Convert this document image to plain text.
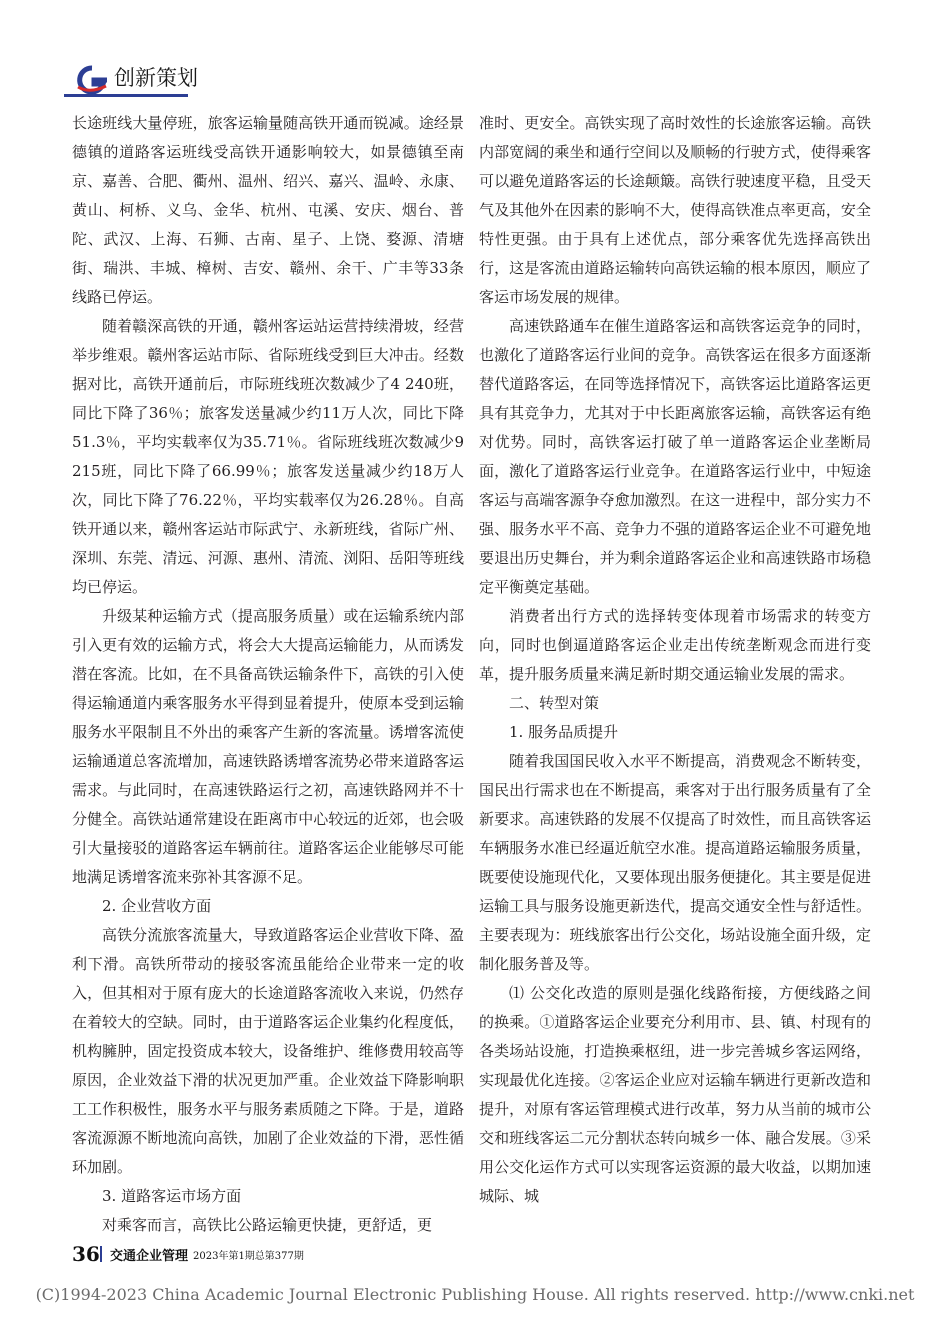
创新策划

长途班线大量停班，旅客运输量随高铁开通而锐减。途经景德镇的道路客运班线受高铁开通影响较大，如景德镇至南京、嘉善、合肥、衢州、温州、绍兴、嘉兴、温岭、永康、黄山、柯桥、义乌、金华、杭州、屯溪、安庆、烟台、普陀、武汉、上海、石狮、古南、星子、上饶、婺源、清塘街、瑞洪、丰城、樟树、吉安、赣州、余干、广丰等33条线路已停运。

随着赣深高铁的开通，赣州客运站运营持续滑坡，经营举步维艰。赣州客运站市际、省际班线受到巨大冲击。经数据对比，高铁开通前后，市际班线班次数减少了4 240班，同比下降了36％；旅客发送量减少约11万人次，同比下降51.3％，平均实载率仅为35.71％。省际班线班次数减少9 215班，同比下降了66.99％；旅客发送量减少约18万人次，同比下降了76.22％，平均实载率仅为26.28％。自高铁开通以来，赣州客运站市际武宁、永新班线，省际广州、深圳、东莞、清远、河源、惠州、清流、浏阳、岳阳等班线均已停运。

升级某种运输方式（提高服务质量）或在运输系统内部引入更有效的运输方式，将会大大提高运输能力，从而诱发潜在客流。比如，在不具备高铁运输条件下，高铁的引入使得运输通道内乘客服务水平得到显着提升，使原本受到运输服务水平限制且不外出的乘客产生新的客流量。诱增客流使运输通道总客流增加，高速铁路诱增客流势必带来道路客运需求。与此同时，在高速铁路运行之初，高速铁路网并不十分健全。高铁站通常建设在距离市中心较远的近郊，也会吸引大量接驳的道路客运车辆前往。道路客运企业能够尽可能地满足诱增客流来弥补其客源不足。

2. 企业营收方面

高铁分流旅客流量大，导致道路客运企业营收下降、盈利下滑。高铁所带动的接驳客流虽能给企业带来一定的收入，但其相对于原有庞大的长途道路客流收入来说，仍然存在着较大的空缺。同时，由于道路客运企业集约化程度低，机构臃肿，固定投资成本较大，设备维护、维修费用较高等原因，企业效益下滑的状况更加严重。企业效益下降影响职工工作积极性，服务水平与服务素质随之下降。于是，道路客流源源不断地流向高铁，加剧了企业效益的下滑，恶性循环加剧。

3. 道路客运市场方面

对乘客而言，高铁比公路运输更快捷，更舒适，更

准时、更安全。高铁实现了高时效性的长途旅客运输。高铁内部宽阔的乘坐和通行空间以及顺畅的行驶方式，使得乘客可以避免道路客运的长途颠簸。高铁行驶速度平稳，且受天气及其他外在因素的影响不大，使得高铁准点率更高，安全特性更强。由于具有上述优点，部分乘客优先选择高铁出行，这是客流由道路运输转向高铁运输的根本原因，顺应了客运市场发展的规律。

高速铁路通车在催生道路客运和高铁客运竞争的同时，也激化了道路客运行业间的竞争。高铁客运在很多方面逐渐替代道路客运，在同等选择情况下，高铁客运比道路客运更具有其竞争力，尤其对于中长距离旅客运输，高铁客运有绝对优势。同时，高铁客运打破了单一道路客运企业垄断局面，激化了道路客运行业竞争。在道路客运行业中，中短途客运与高端客源争夺愈加激烈。在这一进程中，部分实力不强、服务水平不高、竞争力不强的道路客运企业不可避免地要退出历史舞台，并为剩余道路客运企业和高速铁路市场稳定平衡奠定基础。

消费者出行方式的选择转变体现着市场需求的转变方向，同时也倒逼道路客运企业走出传统垄断观念而进行变革，提升服务质量来满足新时期交通运输业发展的需求。

二、转型对策

1. 服务品质提升

随着我国国民收入水平不断提高，消费观念不断转变，国民出行需求也在不断提高，乘客对于出行服务质量有了全新要求。高速铁路的发展不仅提高了时效性，而且高铁客运车辆服务水准已经逼近航空水准。提高道路运输服务质量，既要使设施现代化，又要体现出服务便捷化。其主要是促进运输工具与服务设施更新迭代，提高交通安全性与舒适性。主要表现为：班线旅客出行公交化，场站设施全面升级，定制化服务普及等。

⑴ 公交化改造的原则是强化线路衔接，方便线路之间的换乘。①道路客运企业要充分利用市、县、镇、村现有的各类场站设施，打造换乘枢纽，进一步完善城乡客运网络，实现最优化连接。②客运企业应对运输车辆进行更新改造和提升，对原有客运管理模式进行改革，努力从当前的城市公交和班线客运二元分割状态转向城乡一体、融合发展。③采用公交化运作方式可以实现客运资源的最大收益，以期加速城际、城

36 交通企业管理 2023年第1期总第377期
(C)1994-2023 China Academic Journal Electronic Publishing House. All rights reserved. http://www.cnki.net
